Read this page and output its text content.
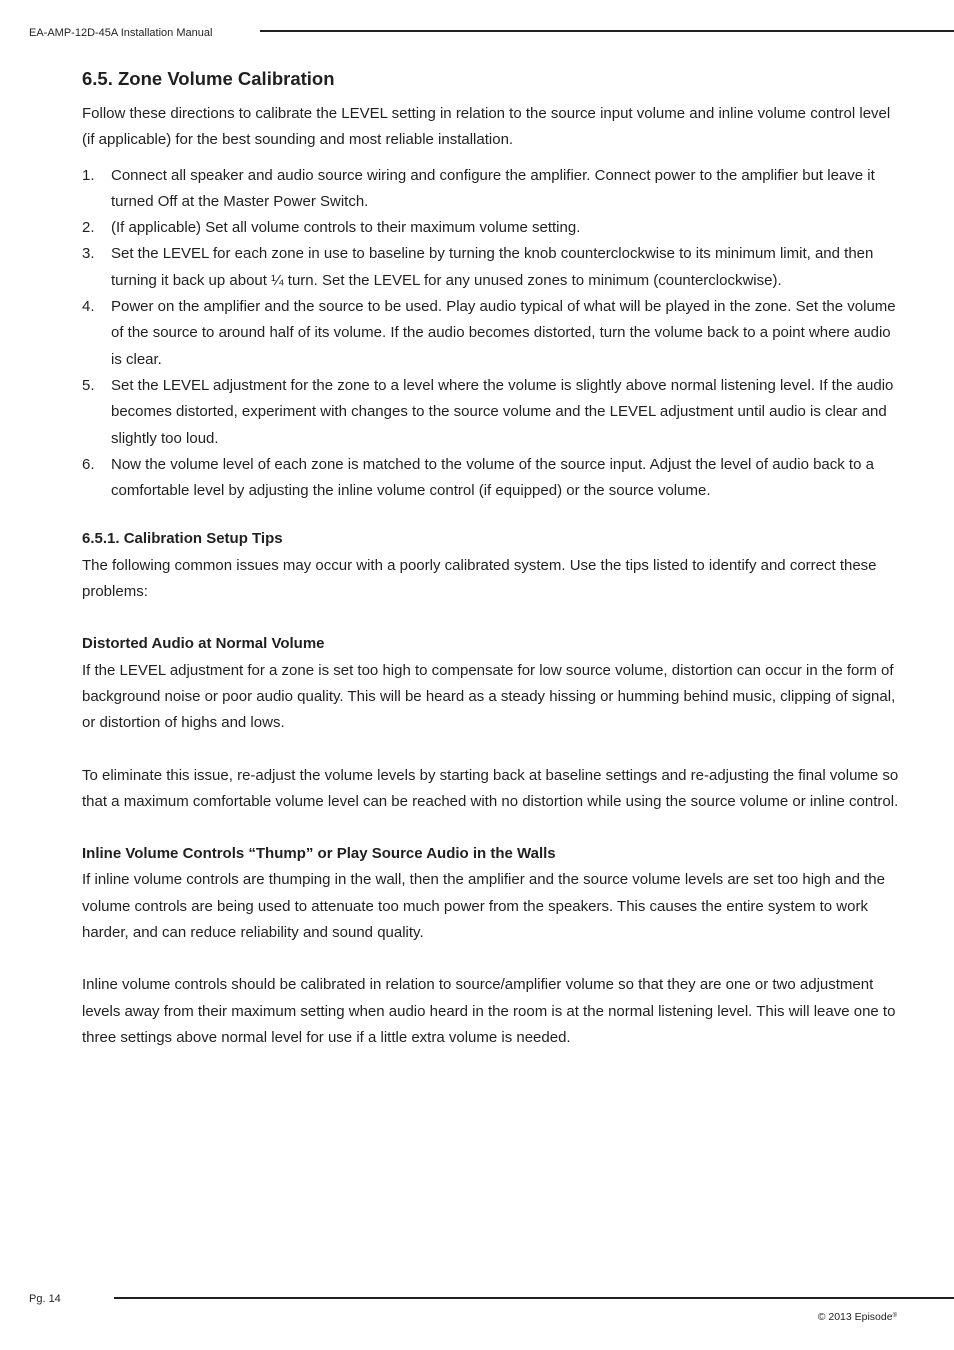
EA-AMP-12D-45A Installation Manual
6.5. Zone Volume Calibration

Follow these directions to calibrate the LEVEL setting in relation to the source input volume and inline volume control level (if applicable) for the best sounding and most reliable installation.

1. Connect all speaker and audio source wiring and configure the amplifier. Connect power to the amplifier but leave it turned Off at the Master Power Switch.
2. (If applicable) Set all volume controls to their maximum volume setting.
3. Set the LEVEL for each zone in use to baseline by turning the knob counterclockwise to its minimum limit, and then turning it back up about ¼ turn. Set the LEVEL for any unused zones to minimum (counterclockwise).
4. Power on the amplifier and the source to be used. Play audio typical of what will be played in the zone. Set the volume of the source to around half of its volume. If the audio becomes distorted, turn the volume back to a point where audio is clear.
5. Set the LEVEL adjustment for the zone to a level where the volume is slightly above normal listening level. If the audio becomes distorted, experiment with changes to the source volume and the LEVEL adjustment until audio is clear and slightly too loud.
6. Now the volume level of each zone is matched to the volume of the source input. Adjust the level of audio back to a comfortable level by adjusting the inline volume control (if equipped) or the source volume.
6.5.1. Calibration Setup Tips

The following common issues may occur with a poorly calibrated system. Use the tips listed to identify and correct these problems:

Distorted Audio at Normal Volume

If the LEVEL adjustment for a zone is set too high to compensate for low source volume, distortion can occur in the form of background noise or poor audio quality. This will be heard as a steady hissing or humming behind music, clipping of signal, or distortion of highs and lows.

To eliminate this issue, re-adjust the volume levels by starting back at baseline settings and re-adjusting the final volume so that a maximum comfortable volume level can be reached with no distortion while using the source volume or inline control.

Inline Volume Controls “Thump” or Play Source Audio in the Walls

If inline volume controls are thumping in the wall, then the amplifier and the source volume levels are set too high and the volume controls are being used to attenuate too much power from the speakers. This causes the entire system to work harder, and can reduce reliability and sound quality.

Inline volume controls should be calibrated in relation to source/amplifier volume so that they are one or two adjustment levels away from their maximum setting when audio heard in the room is at the normal listening level. This will leave one to three settings above normal level for use if a little extra volume is needed.

Pg. 14
© 2013 Episode®
